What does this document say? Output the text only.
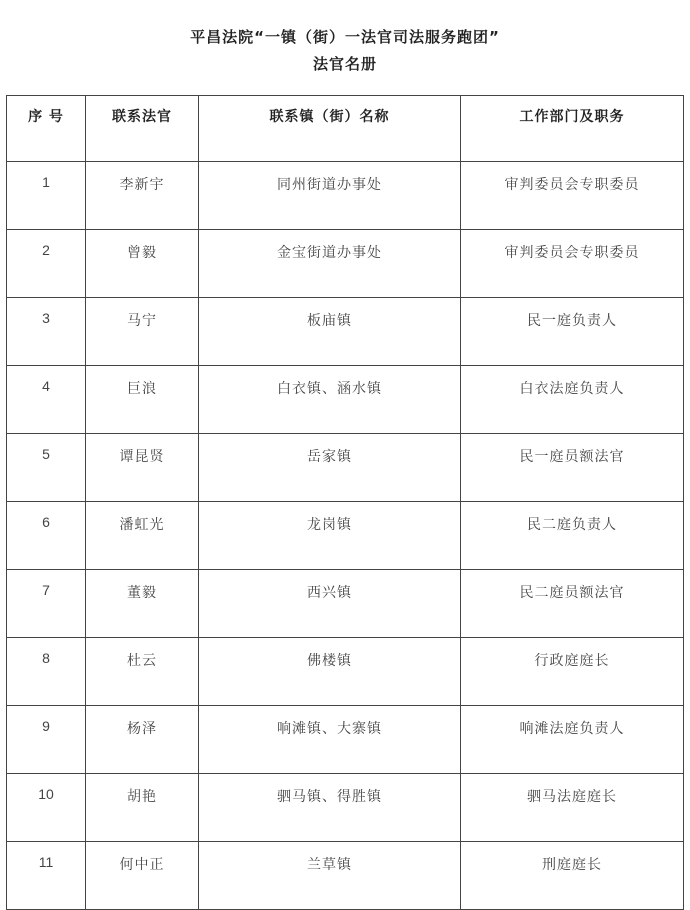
平昌法院“一镇（街）一法官司法服务跑团”
法官名册
序 号	联系法官	联系镇（街）名称	工作部门及职务
1	李新宇	同州街道办事处	审判委员会专职委员
2	曾毅	金宝街道办事处	审判委员会专职委员
3	马宁	板庙镇	民一庭负责人
4	巨浪	白衣镇、涵水镇	白衣法庭负责人
5	谭昆贤	岳家镇	民一庭员额法官
6	潘虹光	龙岗镇	民二庭负责人
7	董毅	西兴镇	民二庭员额法官
8	杜云	佛楼镇	行政庭庭长
9	杨泽	响滩镇、大寨镇	响滩法庭负责人
10	胡艳	驷马镇、得胜镇	驷马法庭庭长
11	何中正	兰草镇	刑庭庭长
